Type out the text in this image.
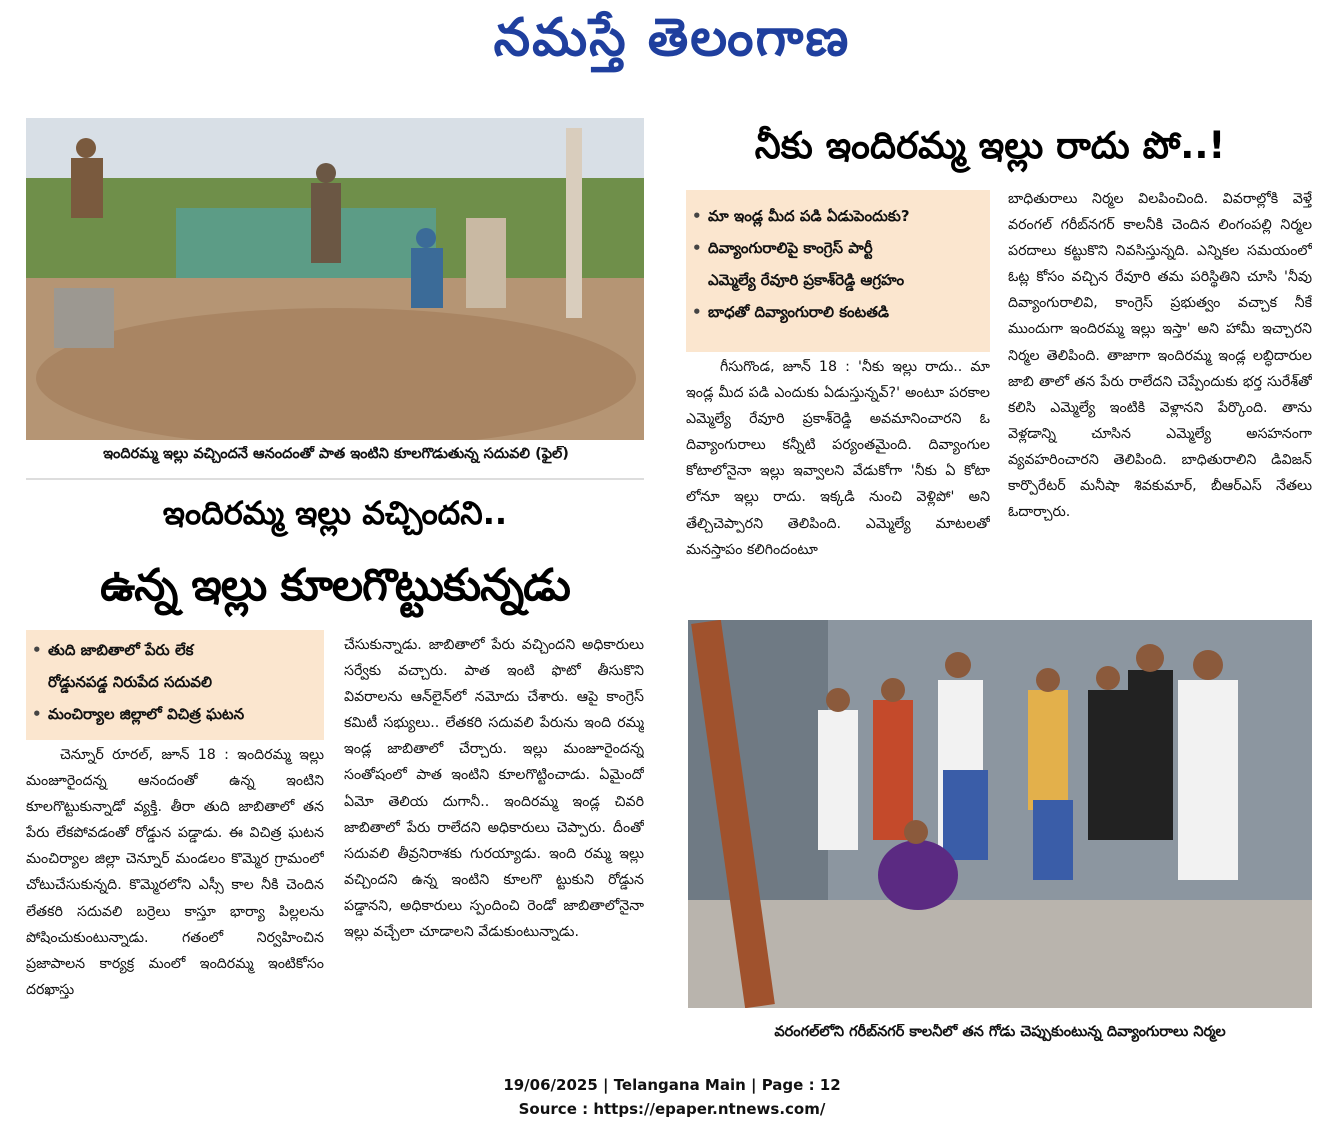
నమస్తే తెలంగాణ
ఇందిరమ్మ ఇల్లు వచ్చిందనే ఆనందంతో పాత ఇంటిని కూలగొడుతున్న సదువలి (ఫైల్)
ఇందిరమ్మ ఇల్లు వచ్చిందని..
ఉన్న ఇల్లు కూలగొట్టుకున్నడు
• తుది జాబితాలో పేరు లేక
రోడ్డునపడ్డ నిరుపేద సదువలి
• మంచిర్యాల జిల్లాలో విచిత్ర ఘటన

చెన్నూర్ రూరల్, జూన్ 18 : ఇందిరమ్మ ఇల్లు మంజూరైందన్న ఆనందంతో ఉన్న ఇంటిని కూలగొట్టుకున్నాడో వ్యక్తి. తీరా తుది జాబితాలో తన పేరు లేకపోవడంతో రోడ్డున పడ్డాడు. ఈ విచిత్ర ఘటన మంచిర్యాల జిల్లా చెన్నూర్ మండలం కొమ్మెర గ్రామంలో చోటుచేసుకున్నది. కొమ్మెరలోని ఎస్సీ కాల నీకి చెందిన లేతకరి సదువలి బర్రెలు కాస్తూ భార్యా పిల్లలను పోషించుకుంటున్నాడు. గతంలో నిర్వహించిన ప్రజాపాలన కార్యక్ర మంలో ఇందిరమ్మ ఇంటికోసం దరఖాస్తు

చేసుకున్నాడు. జాబితాలో పేరు వచ్చిందని అధికారులు సర్వేకు వచ్చారు. పాత ఇంటి ఫొటో తీసుకొని వివరాలను ఆన్‌లైన్‌లో నమోదు చేశారు. ఆపై కాంగ్రెస్ కమిటీ సభ్యులు.. లేతకరి సదువలి పేరును ఇంది రమ్మ ఇండ్ల జాబితాలో చేర్చారు. ఇల్లు మంజూరైందన్న సంతోషంలో పాత ఇంటిని కూలగొట్టించాడు. ఏమైందో ఏమో తెలియ దుగానీ.. ఇందిరమ్మ ఇండ్ల చివరి జాబితాలో పేరు రాలేదని అధికారులు చెప్పారు. దీంతో సదువలి తీవ్రనిరాశకు గురయ్యాడు. ఇంది రమ్మ ఇల్లు వచ్చిందని ఉన్న ఇంటిని కూలగొ ట్టుకుని రోడ్డున పడ్డానని, అధికారులు స్పందించి రెండో జాబితాలోనైనా ఇల్లు వచ్చేలా చూడాలని వేడుకుంటున్నాడు.

నీకు ఇందిరమ్మ ఇల్లు రాదు పో..!
• మా ఇండ్ల మీద పడి ఏడుపెందుకు?
• దివ్యాంగురాలిపై కాంగ్రెస్ పార్టీ
ఎమ్మెల్యే రేవూరి ప్రకాశ్‌రెడ్డి ఆగ్రహం
• బాధతో దివ్యాంగురాలి కంటతడి

గీసుగొండ, జూన్ 18 : 'నీకు ఇల్లు రాదు.. మా ఇండ్ల మీద పడి ఎందుకు ఏడుస్తున్నవ్?' అంటూ పరకాల ఎమ్మెల్యే రేవూరి ప్రకాశ్‌రెడ్డి అవమానించారని ఓ దివ్యాంగురాలు కన్నీటి పర్యంతమైంది. దివ్యాంగుల కోటాలోనైనా ఇల్లు ఇవ్వాలని వేడుకోగా 'నీకు ఏ కోటా లోనూ ఇల్లు రాదు. ఇక్కడి నుంచి వెళ్లిపో' అని తేల్చిచెప్పారని తెలిపింది. ఎమ్మెల్యే మాటలతో మనస్తాపం కలిగిందంటూ

బాధితురాలు నిర్మల విలపించింది. వివరాల్లోకి వెళ్తే వరంగల్ గరీబ్‌నగర్ కాలనీకి చెందిన లింగంపల్లి నిర్మల పరదాలు కట్టుకొని నివసిస్తున్నది. ఎన్నికల సమయంలో ఓట్ల కోసం వచ్చిన రేవూరి తమ పరిస్థితిని చూసి 'నీవు దివ్యాంగురాలివి, కాంగ్రెస్ ప్రభుత్వం వచ్చాక నీకే ముందుగా ఇందిరమ్మ ఇల్లు ఇస్తా' అని హామీ ఇచ్చారని నిర్మల తెలిపింది. తాజాగా ఇందిరమ్మ ఇండ్ల లబ్ధిదారుల జాబి తాలో తన పేరు రాలేదని చెప్పేందుకు భర్త సురేశ్‌తో కలిసి ఎమ్మెల్యే ఇంటికి వెళ్లానని పేర్కొంది. తాను వెళ్లడాన్ని చూసిన ఎమ్మెల్యే అసహనంగా వ్యవహరించారని తెలిపింది. బాధితురాలిని డివిజన్ కార్పొరేటర్ మనీషా శివకుమార్, బీఆర్ఎస్ నేతలు ఓదార్చారు.

వరంగల్‌లోని గరీబ్‌నగర్ కాలనీలో తన గోడు చెప్పుకుంటున్న దివ్యాంగురాలు నిర్మల
19/06/2025 | Telangana Main | Page : 12
Source : https://epaper.ntnews.com/
